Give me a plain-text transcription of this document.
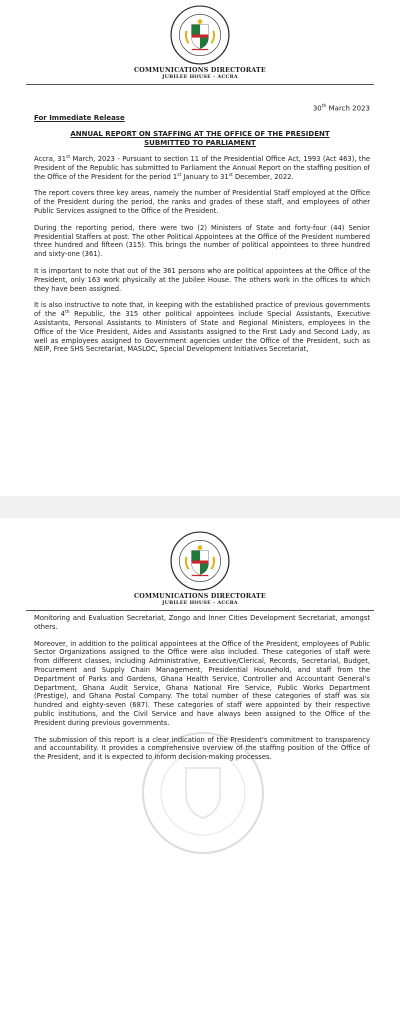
COMMUNICATIONS DIRECTORATE
JUBILEE HOUSE - ACCRA
30th March 2023
For Immediate Release
ANNUAL REPORT ON STAFFING AT THE OFFICE OF THE PRESIDENT
SUBMITTED TO PARLIAMENT

Accra, 31st March, 2023 - Pursuant to section 11 of the Presidential Office Act, 1993 (Act 463), the President of the Republic has submitted to Parliament the Annual Report on the staffing position of the Office of the President for the period 1st January to 31st December, 2022.

The report covers three key areas, namely the number of Presidential Staff employed at the Office of the President during the period, the ranks and grades of these staff, and employees of other Public Services assigned to the Office of the President.

During the reporting period, there were two (2) Ministers of State and forty-four (44) Senior Presidential Staffers at post. The other Political Appointees at the Office of the President numbered three hundred and fifteen (315). This brings the number of political appointees to three hundred and sixty-one (361).

It is important to note that out of the 361 persons who are political appointees at the Office of the President, only 163 work physically at the Jubilee House. The others work in the offices to which they have been assigned.

It is also instructive to note that, in keeping with the established practice of previous governments of the 4th Republic, the 315 other political appointees include Special Assistants, Executive Assistants, Personal Assistants to Ministers of State and Regional Ministers, employees in the Office of the Vice President, Aides and Assistants assigned to the First Lady and Second Lady, as well as employees assigned to Government agencies under the Office of the President, such as NEIP, Free SHS Secretariat, MASLOC, Special Development Initiatives Secretariat,

COMMUNICATIONS DIRECTORATE
JUBILEE HOUSE - ACCRA

Monitoring and Evaluation Secretariat, Zongo and Inner Cities Development Secretariat, amongst others.

Moreover, in addition to the political appointees at the Office of the President, employees of Public Sector Organizations assigned to the Office were also included. These categories of staff were from different classes, including Administrative, Executive/Clerical, Records, Secretarial, Budget, Procurement and Supply Chain Management, Presidential Household, and staff from the Department of Parks and Gardens, Ghana Health Service, Controller and Accountant General's Department, Ghana Audit Service, Ghana National Fire Service, Public Works Department (Prestige), and Ghana Postal Company. The total number of these categories of staff was six hundred and eighty-seven (687). These categories of staff were appointed by their respective public institutions, and the Civil Service and have always been assigned to the Office of the President during previous governments.

The submission of this report is a clear indication of the President's commitment to transparency and accountability. It provides a comprehensive overview of the staffing position of the Office of the President, and it is expected to inform decision-making processes.
